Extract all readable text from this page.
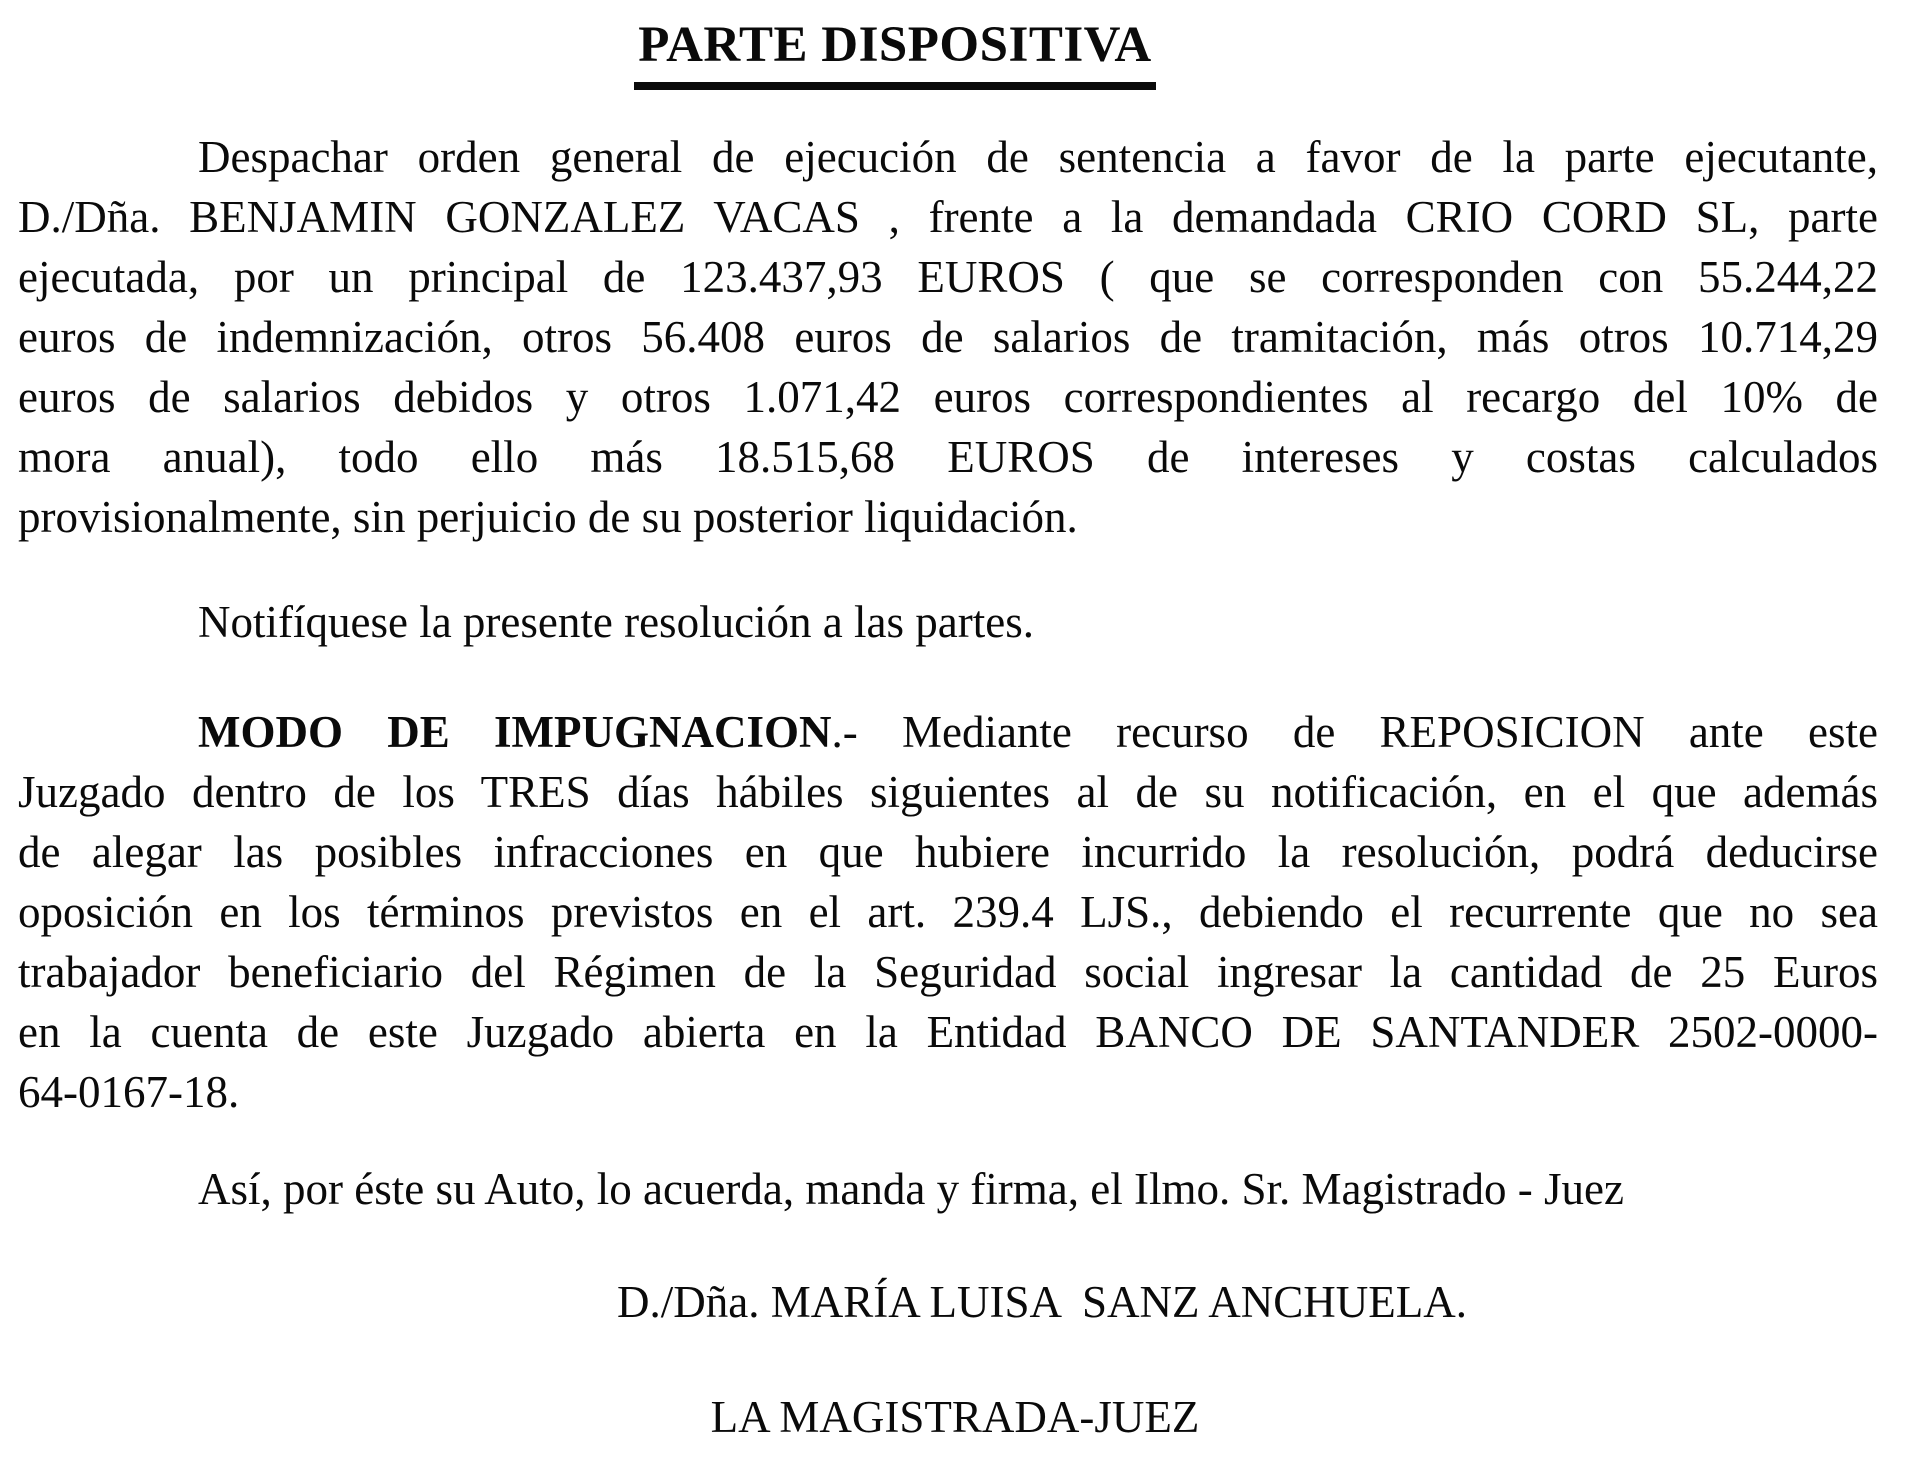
PARTE DISPOSITIVA
Despachar orden general de ejecución de sentencia a favor de la parte ejecutante,
D./Dña. BENJAMIN GONZALEZ VACAS , frente a la demandada CRIO CORD SL, parte
ejecutada, por un principal de 123.437,93 EUROS ( que se corresponden con 55.244,22
euros de indemnización, otros 56.408 euros de salarios de tramitación, más otros 10.714,29
euros de salarios debidos y otros 1.071,42 euros correspondientes al recargo del 10% de
mora anual), todo ello más 18.515,68 EUROS de intereses y costas calculados
provisionalmente, sin perjuicio de su posterior liquidación.
Notifíquese la presente resolución a las partes.
MODO DE IMPUGNACION.- Mediante recurso de REPOSICION ante este
Juzgado dentro de los TRES días hábiles siguientes al de su notificación, en el que además
de alegar las posibles infracciones en que hubiere incurrido la resolución, podrá deducirse
oposición en los términos previstos en el art. 239.4 LJS., debiendo el recurrente que no sea
trabajador beneficiario del Régimen de la Seguridad social ingresar la cantidad de 25 Euros
en la cuenta de este Juzgado abierta en la Entidad BANCO DE SANTANDER 2502-0000-
64-0167-18.
Así, por éste su Auto, lo acuerda, manda y firma, el Ilmo. Sr. Magistrado - Juez
D./Dña. MARÍA LUISA  SANZ ANCHUELA.
LA MAGISTRADA-JUEZ
